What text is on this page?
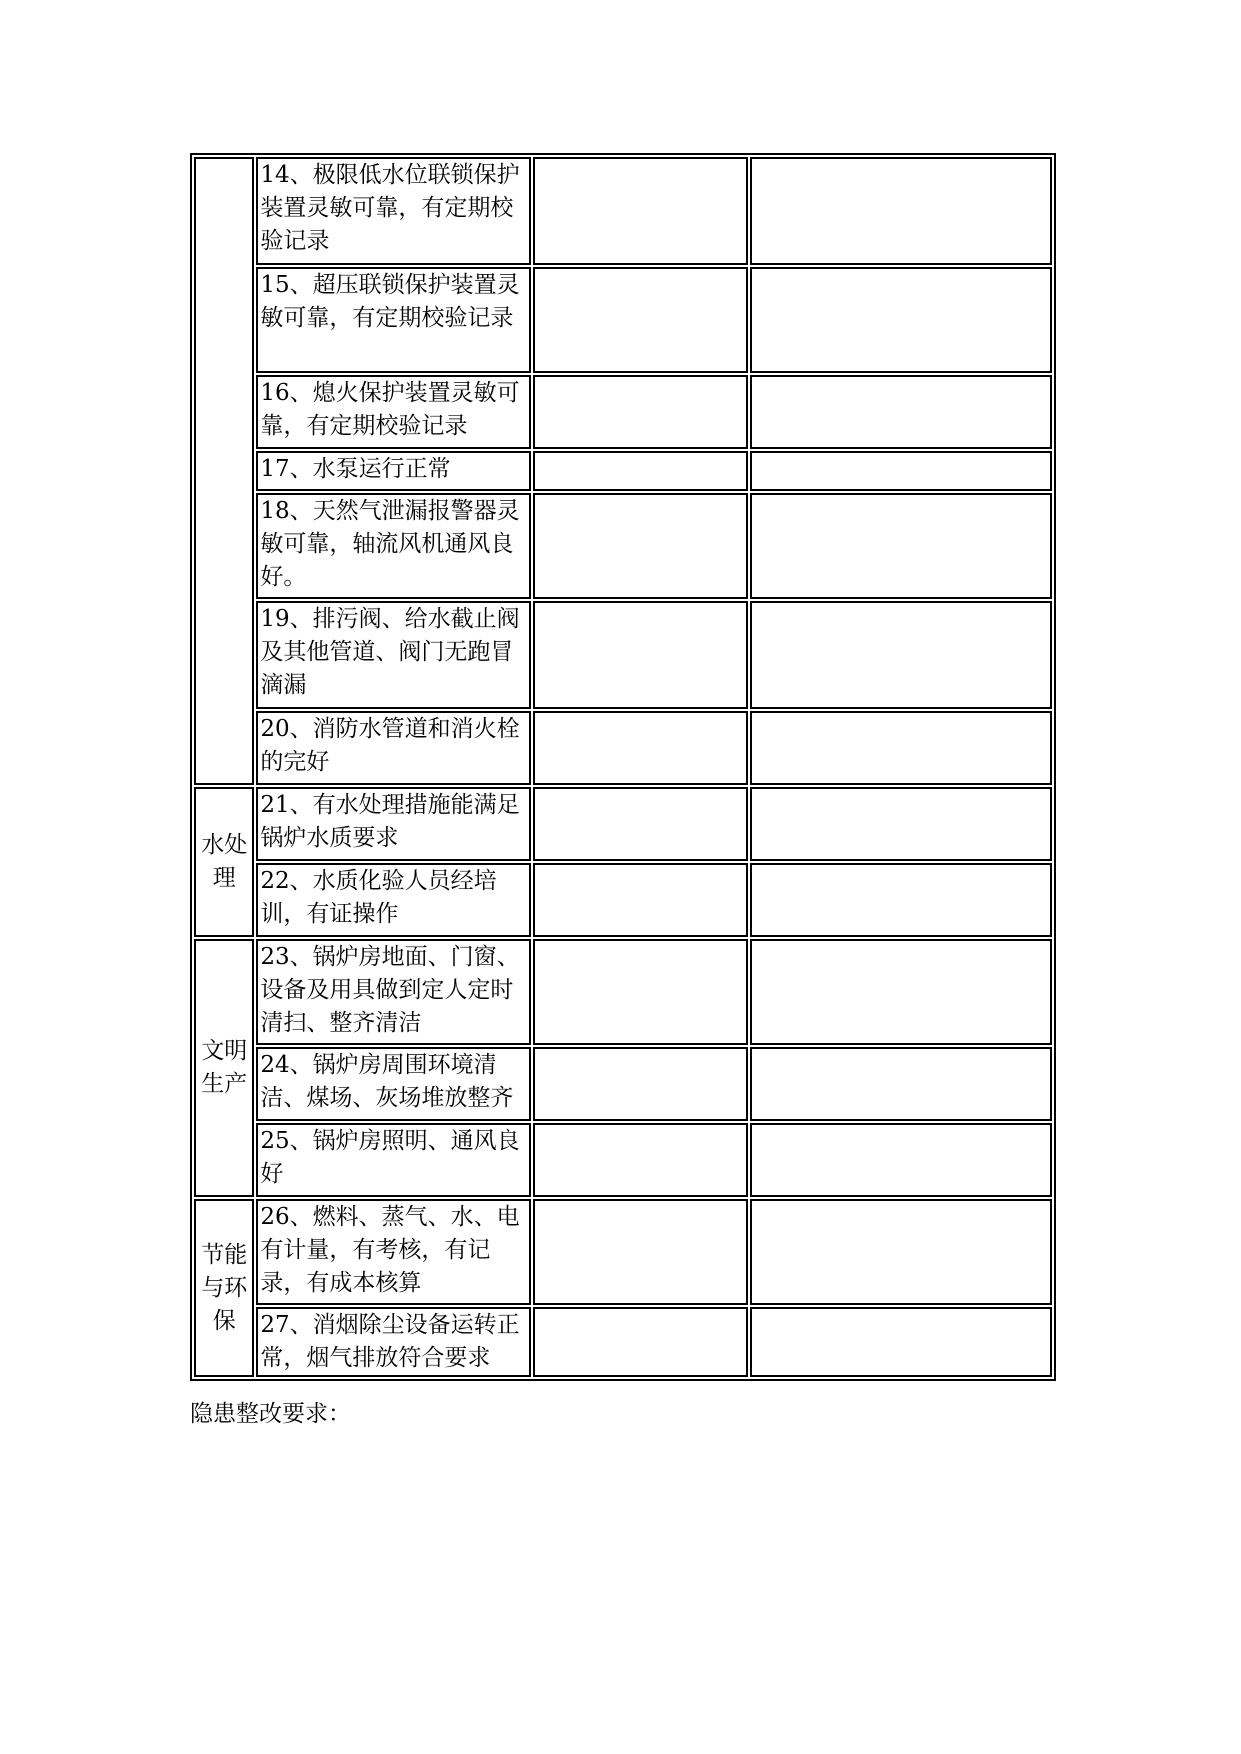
	14、极限低水位联锁保护装置灵敏可靠，有定期校验记录		
	15、超压联锁保护装置灵敏可靠，有定期校验记录		
	16、熄火保护装置灵敏可靠，有定期校验记录		
	17、水泵运行正常		
	18、天然气泄漏报警器灵敏可靠，轴流风机通风良好。		
	19、排污阀、给水截止阀及其他管道、阀门无跑冒滴漏		
	20、消防水管道和消火栓的完好		
水处理	21、有水处理措施能满足锅炉水质要求		
	22、水质化验人员经培训，有证操作		
文明生产	23、锅炉房地面、门窗、设备及用具做到定人定时清扫、整齐清洁		
	24、锅炉房周围环境清洁、煤场、灰场堆放整齐		
	25、锅炉房照明、通风良好		
节能与环保	26、燃料、蒸气、水、电有计量，有考核，有记录，有成本核算		
	27、消烟除尘设备运转正常，烟气排放符合要求		
隐患整改要求：
